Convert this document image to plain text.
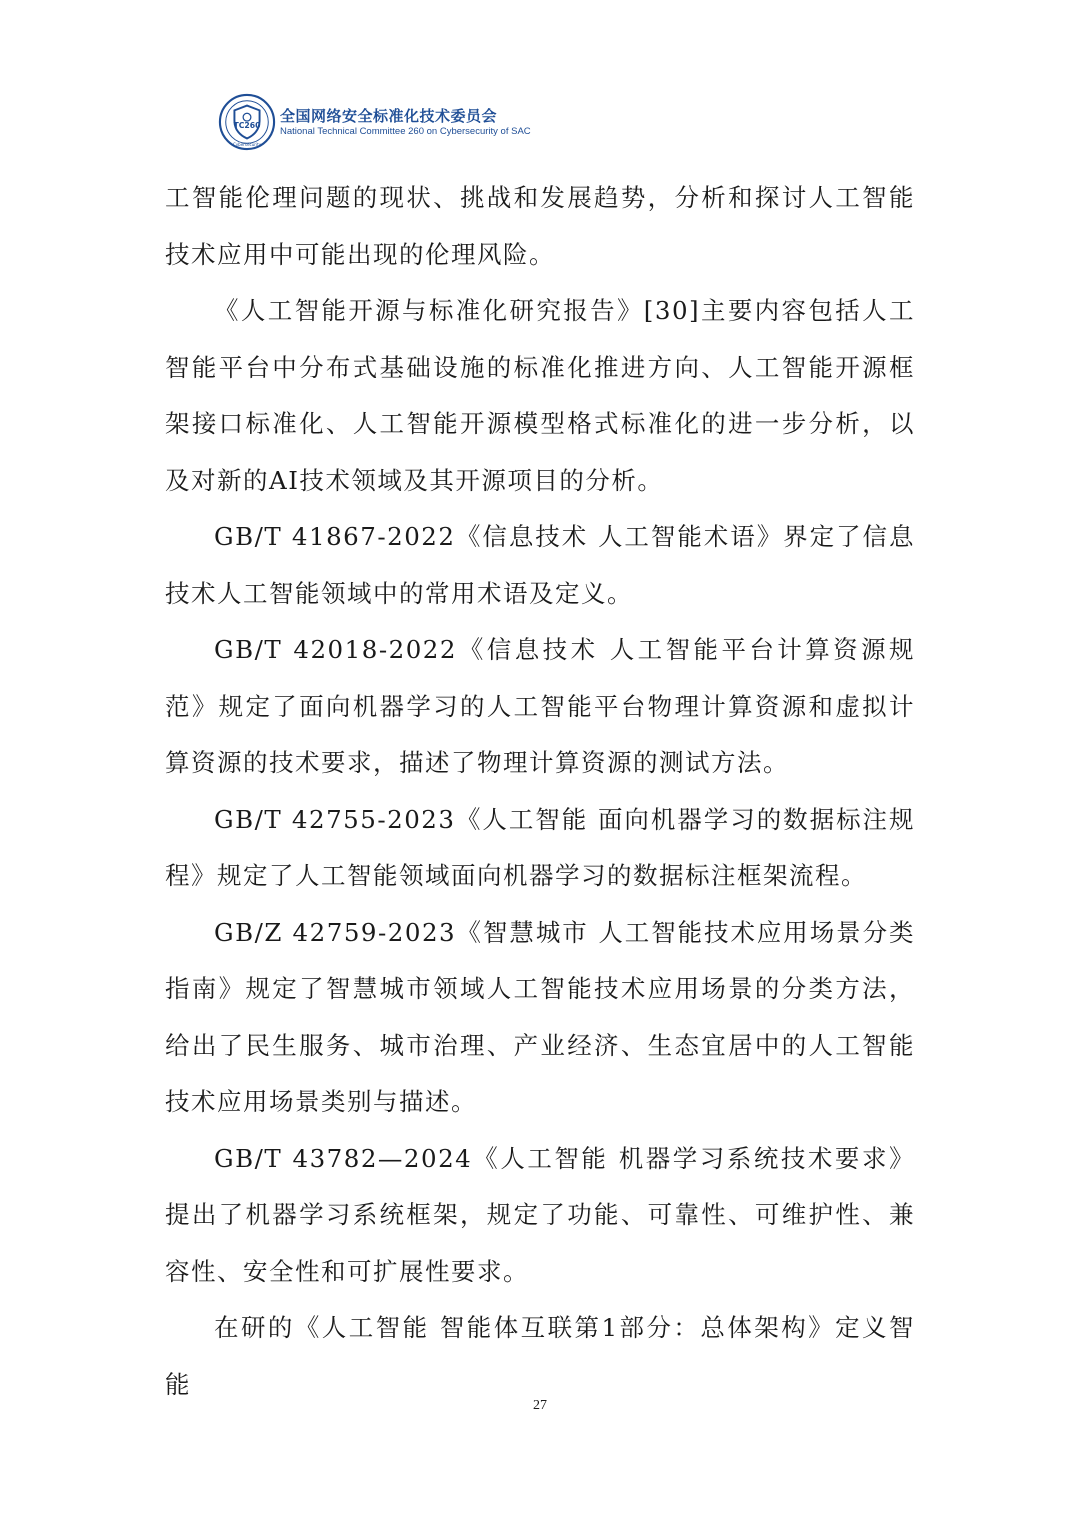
TC260
Cybersecurity
全国网络安全标准化技术委员会
National Technical Committee 260 on Cybersecurity of SAC

工智能伦理问题的现状、挑战和发展趋势，分析和探讨人工智能技术应用中可能出现的伦理风险。

《人工智能开源与标准化研究报告》[30]主要内容包括人工智能平台中分布式基础设施的标准化推进方向、人工智能开源框架接口标准化、人工智能开源模型格式标准化的进一步分析，以及对新的AI技术领域及其开源项目的分析。

GB/T 41867-2022《信息技术 人工智能术语》界定了信息技术人工智能领域中的常用术语及定义。

GB/T 42018-2022《信息技术 人工智能平台计算资源规范》规定了面向机器学习的人工智能平台物理计算资源和虚拟计算资源的技术要求，描述了物理计算资源的测试方法。

GB/T 42755-2023《人工智能 面向机器学习的数据标注规程》规定了人工智能领域面向机器学习的数据标注框架流程。

GB/Z 42759-2023《智慧城市 人工智能技术应用场景分类指南》规定了智慧城市领域人工智能技术应用场景的分类方法，给出了民生服务、城市治理、产业经济、生态宜居中的人工智能技术应用场景类别与描述。

GB/T 43782—2024《人工智能 机器学习系统技术要求》提出了机器学习系统框架，规定了功能、可靠性、可维护性、兼容性、安全性和可扩展性要求。

在研的《人工智能 智能体互联第1部分：总体架构》定义智能

27
